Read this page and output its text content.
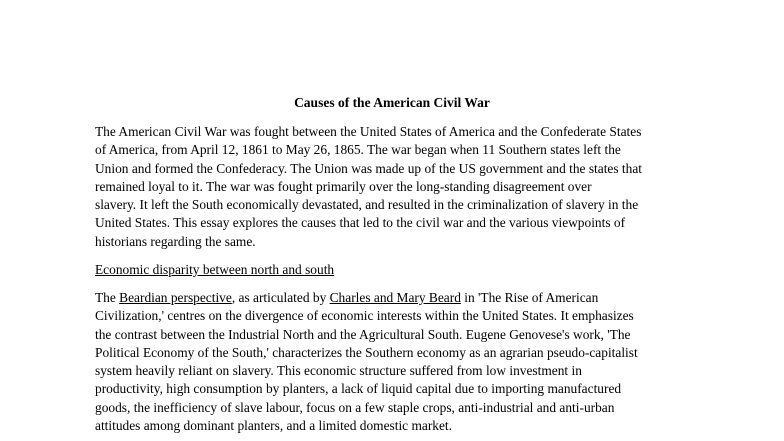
Causes of the American Civil War

The American Civil War was fought between the United States of America and the Confederate States
of America, from April 12, 1861 to May 26, 1865. The war began when 11 Southern states left the
Union and formed the Confederacy. The Union was made up of the US government and the states that
remained loyal to it. The war was fought primarily over the long-standing disagreement over
slavery. It left the South economically devastated, and resulted in the criminalization of slavery in the
United States. This essay explores the causes that led to the civil war and the various viewpoints of
historians regarding the same.

Economic disparity between north and south

The Beardian perspective, as articulated by Charles and Mary Beard in 'The Rise of American
Civilization,' centres on the divergence of economic interests within the United States. It emphasizes
the contrast between the Industrial North and the Agricultural South. Eugene Genovese's work, 'The
Political Economy of the South,' characterizes the Southern economy as an agrarian pseudo-capitalist
system heavily reliant on slavery. This economic structure suffered from low investment in
productivity, high consumption by planters, a lack of liquid capital due to importing manufactured
goods, the inefficiency of slave labour, focus on a few staple crops, anti-industrial and anti-urban
attitudes among dominant planters, and a limited domestic market.
